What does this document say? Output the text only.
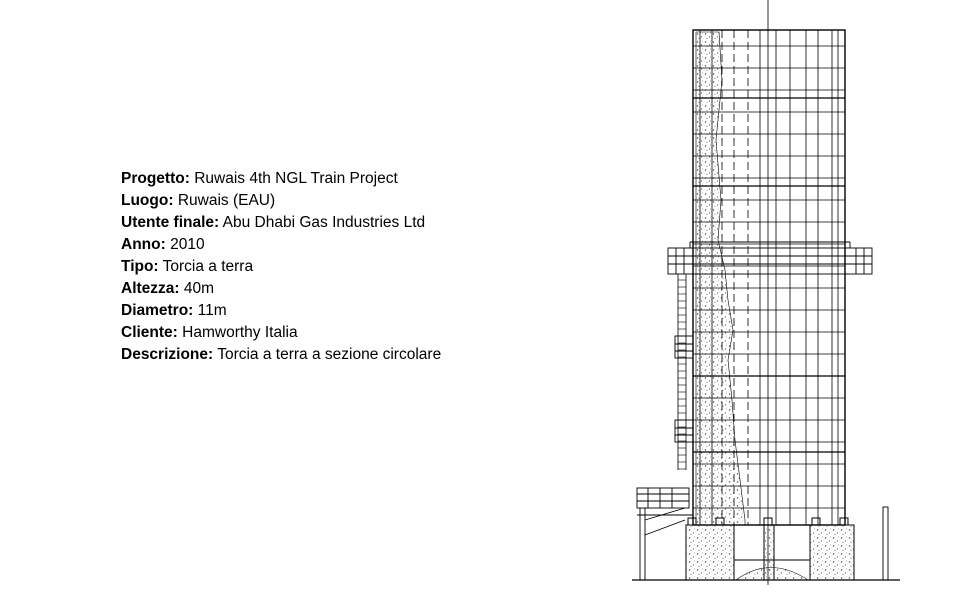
Progetto: Ruwais 4th NGL Train Project
Luogo: Ruwais (EAU)
Utente finale: Abu Dhabi Gas Industries Ltd
Anno: 2010
Tipo: Torcia a terra
Altezza: 40m
Diametro: 11m
Cliente: Hamworthy Italia
Descrizione: Torcia a terra a sezione circolare
